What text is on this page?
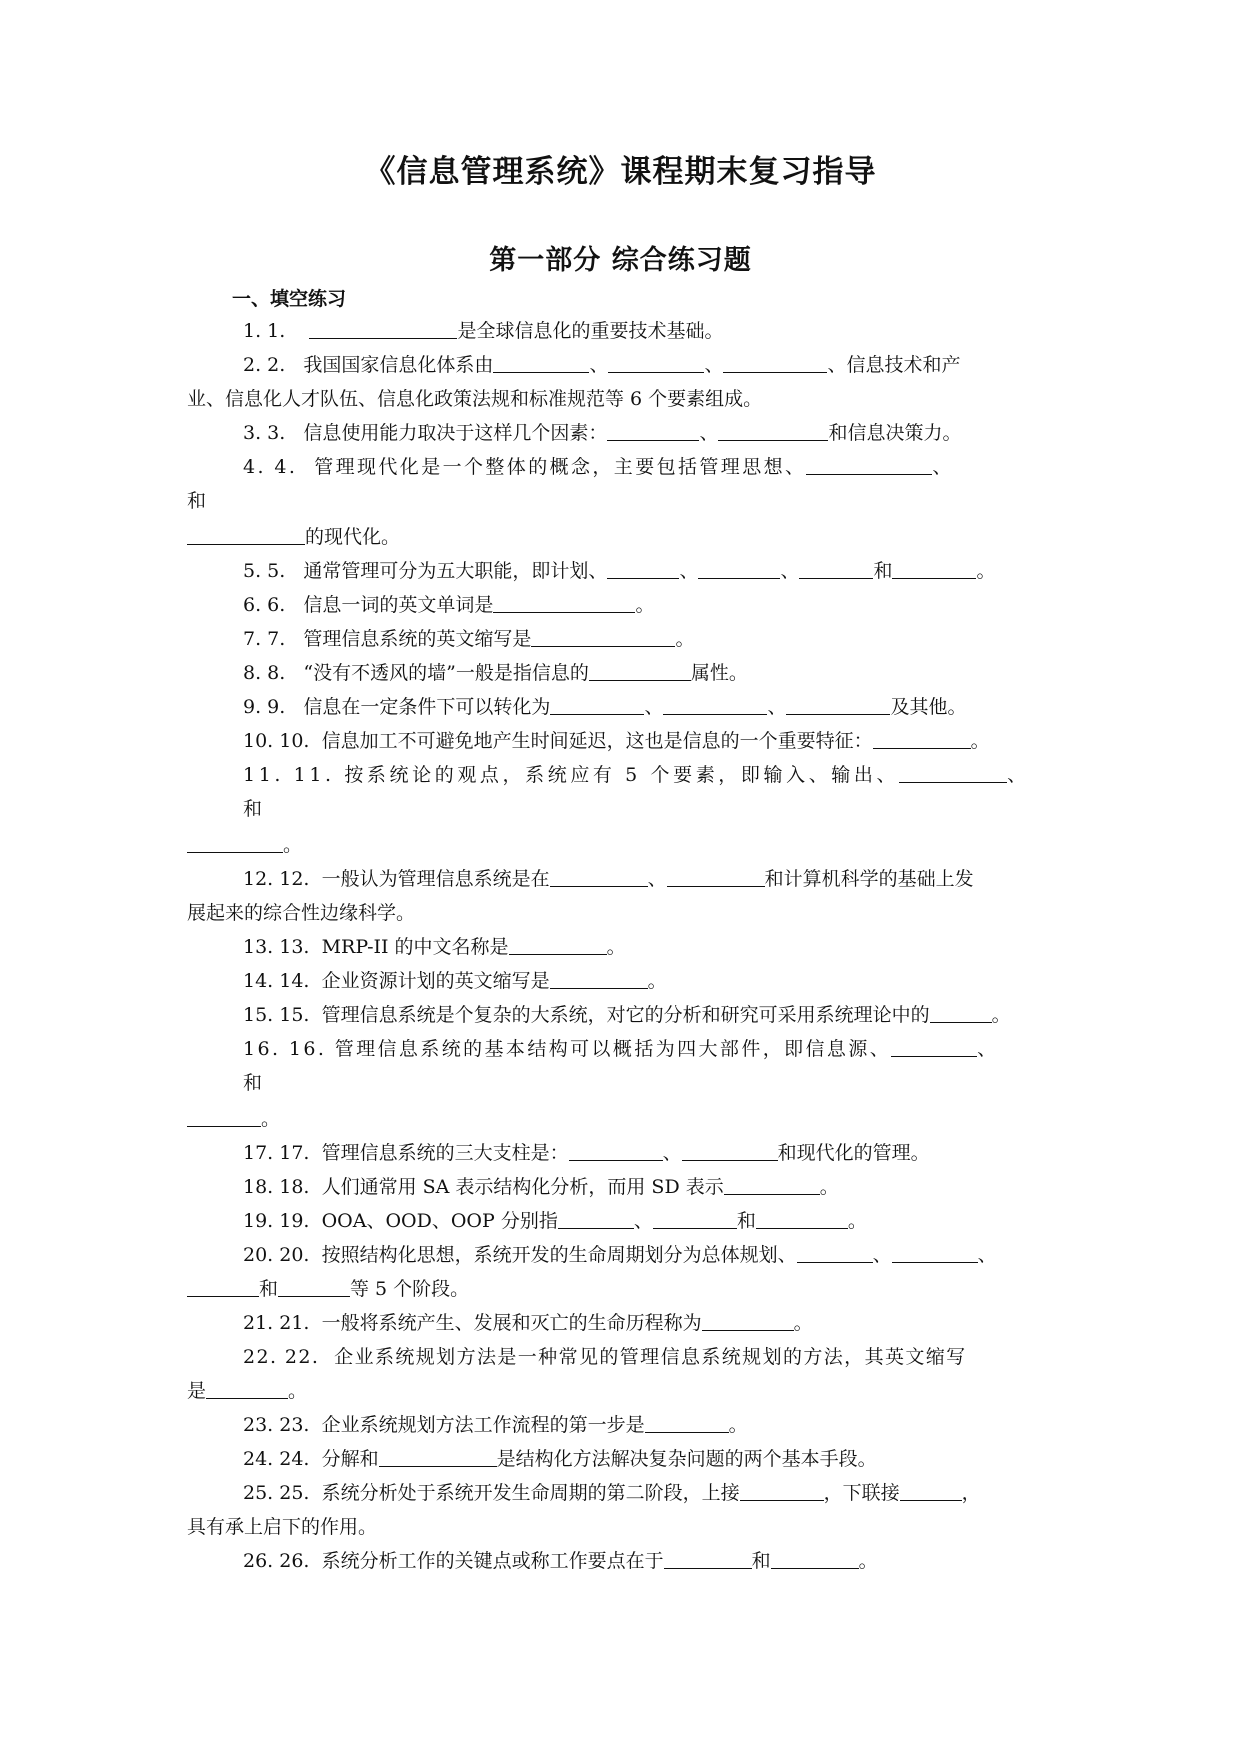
《信息管理系统》课程期末复习指导
第一部分 综合练习题
一、填空练习
1. 1.	是全球信息化的重要技术基础。
2. 2. 我国国家信息化体系由	、	、	、信息技术和产
业、信息化人才队伍、信息化政策法规和标准规范等 6 个要素组成。
3. 3. 信息使用能力取决于这样几个因素：	、	和信息决策力。
4. 4. 管理现代化是一个整体的概念，主要包括管理思想、	、
和
的现代化。
5. 5. 通常管理可分为五大职能，即计划、	、	、	和	。
6. 6. 信息一词的英文单词是	。
7. 7. 管理信息系统的英文缩写是	。
8. 8. “没有不透风的墙”一般是指信息的	属性。
9. 9. 信息在一定条件下可以转化为	、	、	及其他。
10. 10. 信息加工不可避免地产生时间延迟，这也是信息的一个重要特征：	。
11. 11. 按系统论的观点，系统应有 5 个要素，即输入、输出、	、
和
。
12. 12. 一般认为管理信息系统是在	、	和计算机科学的基础上发
展起来的综合性边缘科学。
13. 13. MRP-II 的中文名称是	。
14. 14. 企业资源计划的英文缩写是	。
15. 15. 管理信息系统是个复杂的大系统，对它的分析和研究可采用系统理论中的	。
16. 16. 管理信息系统的基本结构可以概括为四大部件，即信息源、	、
和
。
17. 17. 管理信息系统的三大支柱是：	、	和现代化的管理。
18. 18. 人们通常用 SA 表示结构化分析，而用 SD 表示	。
19. 19. OOA、OOD、OOP 分别指	、	和	。
20. 20. 按照结构化思想，系统开发的生命周期划分为总体规划、	、	、
和	等 5 个阶段。
21. 21. 一般将系统产生、发展和灭亡的生命历程称为	。
22. 22. 企业系统规划方法是一种常见的管理信息系统规划的方法，其英文缩写
是	。
23. 23. 企业系统规划方法工作流程的第一步是	。
24. 24. 分解和	是结构化方法解决复杂问题的两个基本手段。
25. 25. 系统分析处于系统开发生命周期的第二阶段，上接	，下联接	，
具有承上启下的作用。
26. 26. 系统分析工作的关键点或称工作要点在于	和	。
